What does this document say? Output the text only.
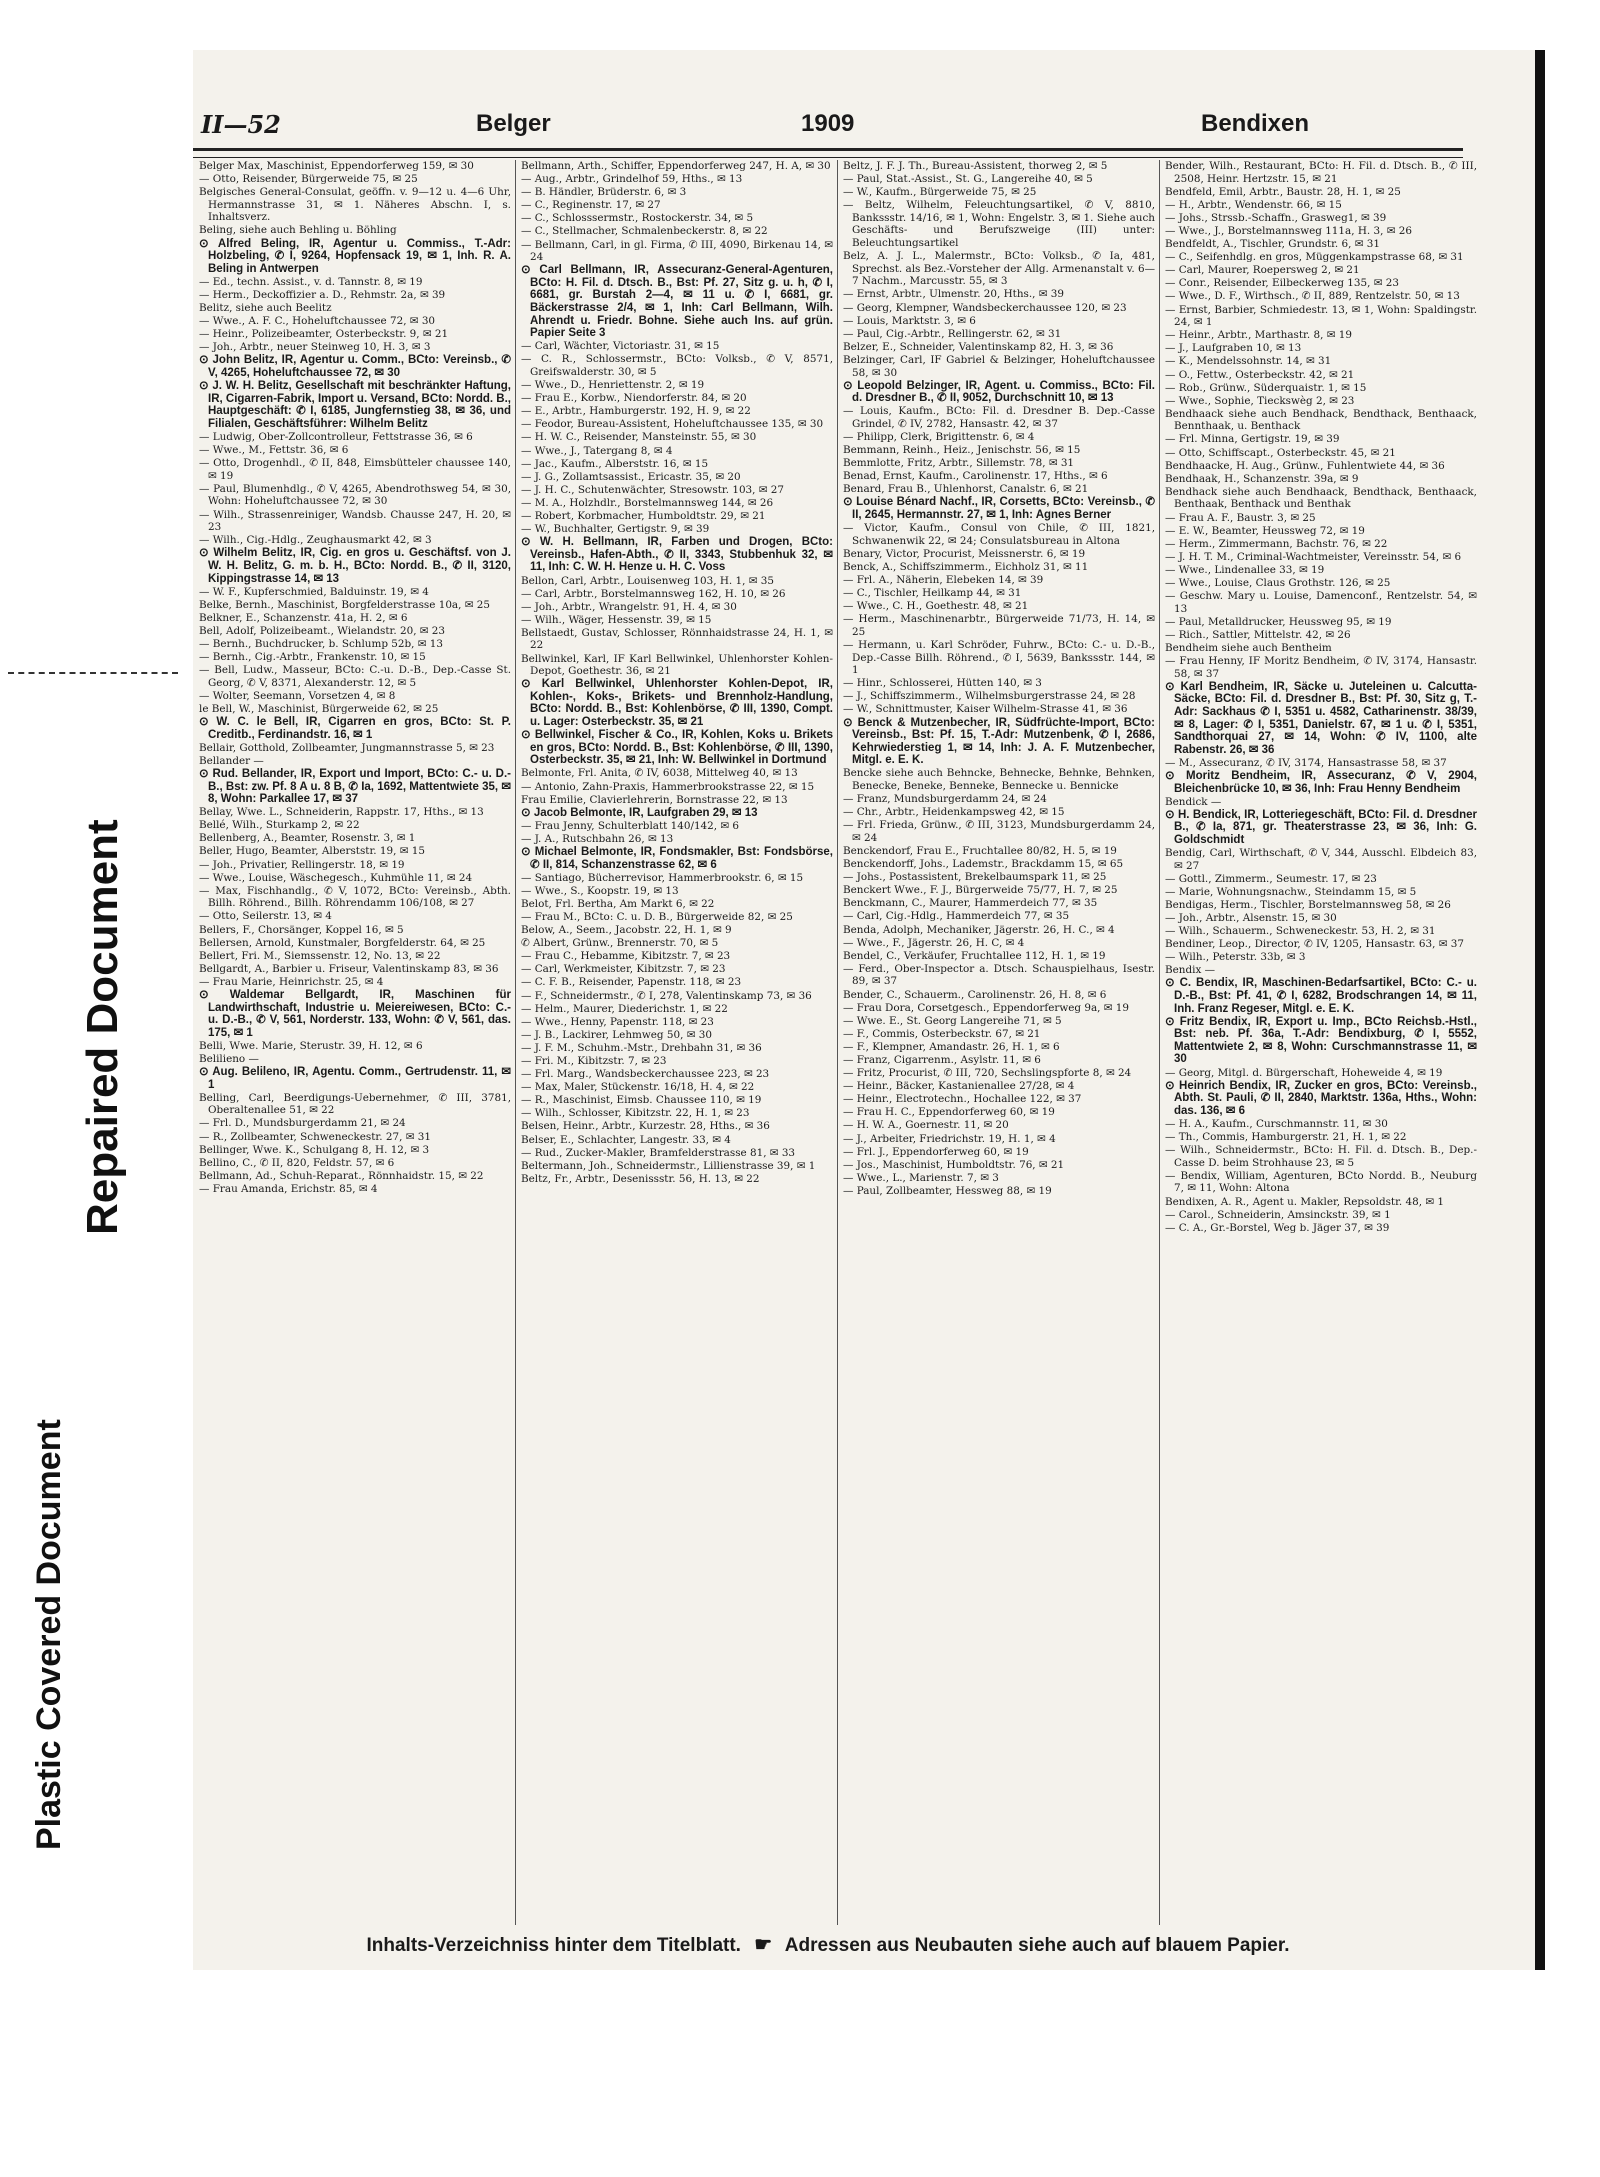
Repaired Document
Plastic Covered Document
II—52	Belger	1909	Bendixen
Belger Max, Maschinist, Eppendorferweg 159, ✉ 30
— Otto, Reisender, Bürgerweide 75, ✉ 25
Belgisches General-Consulat, geöffn. v. 9—12 u. 4—6 Uhr, Hermannstrasse 31, ✉ 1. Näheres Abschn. I, s. Inhaltsverz.
Beling, siehe auch Behling u. Böhling
⊙ Alfred Beling, IR, Agentur u. Commiss., T.-Adr: Holzbeling, ✆ I, 9264, Hopfensack 19, ✉ 1, Inh. R. A. Beling in Antwerpen
— Ed., techn. Assist., v. d. Tannstr. 8, ✉ 19
— Herm., Deckoffizier a. D., Rehmstr. 2a, ✉ 39
Belitz, siehe auch Beelitz
— Wwe., A. F. C., Hoheluftchaussee 72, ✉ 30
— Heinr., Polizeibeamter, Osterbeckstr. 9, ✉ 21
— Joh., Arbtr., neuer Steinweg 10, H. 3, ✉ 3
⊙ John Belitz, IR, Agentur u. Comm., BCto: Vereinsb., ✆ V, 4265, Hoheluftchaussee 72, ✉ 30
⊙ J. W. H. Belitz, Gesellschaft mit beschränkter Haftung, IR, Cigarren-Fabrik, Import u. Versand, BCto: Nordd. B., Hauptgeschäft: ✆ I, 6185, Jungfernstieg 38, ✉ 36, und Filialen, Geschäftsführer: Wilhelm Belitz
— Ludwig, Ober-Zollcontrolleur, Fettstrasse 36, ✉ 6
— Wwe., M., Fettstr. 36, ✉ 6
— Otto, Drogenhdl., ✆ II, 848, Eimsbütteler chaussee 140, ✉ 19
— Paul, Blumenhdlg., ✆ V, 4265, Abendrothsweg 54, ✉ 30, Wohn: Hoheluftchaussee 72, ✉ 30
— Wilh., Strassenreiniger, Wandsb. Chausse 247, H. 20, ✉ 23
— Wilh., Cig.-Hdlg., Zeughausmarkt 42, ✉ 3
⊙ Wilhelm Belitz, IR, Cig. en gros u. Geschäftsf. von J. W. H. Belitz, G. m. b. H., BCto: Nordd. B., ✆ II, 3120, Kippingstrasse 14, ✉ 13
— W. F., Kupferschmied, Balduinstr. 19, ✉ 4
Belke, Bernh., Maschinist, Borgfelderstrasse 10a, ✉ 25
Belkner, E., Schanzenstr. 41a, H. 2, ✉ 6
Bell, Adolf, Polizeibeamt., Wielandstr. 20, ✉ 23
— Bernh., Buchdrucker, b. Schlump 52b, ✉ 13
— Bernh., Cig.-Arbtr., Frankenstr. 10, ✉ 15
— Bell, Ludw., Masseur, BCto: C.-u. D.-B., Dep.-Casse St. Georg, ✆ V, 8371, Alexanderstr. 12, ✉ 5
— Wolter, Seemann, Vorsetzen 4, ✉ 8
le Bell, W., Maschinist, Bürgerweide 62, ✉ 25
⊙ W. C. le Bell, IR, Cigarren en gros, BCto: St. P. Creditb., Ferdinandstr. 16, ✉ 1
Bellair, Gotthold, Zollbeamter, Jungmannstrasse 5, ✉ 23
Bellander —
⊙ Rud. Bellander, IR, Export und Import, BCto: C.- u. D.-B., Bst: zw. Pf. 8 A u. 8 B, ✆ Ia, 1692, Mattentwiete 35, ✉ 8, Wohn: Parkallee 17, ✉ 37
Bellay, Wwe. L., Schneiderin, Rappstr. 17, Hths., ✉ 13
Bellé, Wilh., Sturkamp 2, ✉ 22
Bellenberg, A., Beamter, Rosenstr. 3, ✉ 1
Beller, Hugo, Beamter, Alberststr. 19, ✉ 15
— Joh., Privatier, Rellingerstr. 18, ✉ 19
— Wwe., Louise, Wäschegesch., Kuhmühle 11, ✉ 24
— Max, Fischhandlg., ✆ V, 1072, BCto: Vereinsb., Abth. Billh. Röhrend., Billh. Röhrendamm 106/108, ✉ 27
— Otto, Seilerstr. 13, ✉ 4
Bellers, F., Chorsänger, Koppel 16, ✉ 5
Bellersen, Arnold, Kunstmaler, Borgfelderstr. 64, ✉ 25
Bellert, Fri. M., Siemssenstr. 12, No. 13, ✉ 22
Bellgardt, A., Barbier u. Friseur, Valentinskamp 83, ✉ 36
— Frau Marie, Heinrichstr. 25, ✉ 4
⊙ Waldemar Bellgardt, IR, Maschinen für Landwirthschaft, Industrie u. Meiereiwesen, BCto: C.- u. D.-B., ✆ V, 561, Norderstr. 133, Wohn: ✆ V, 561, das. 175, ✉ 1
Belli, Wwe. Marie, Sterustr. 39, H. 12, ✉ 6
Belilieno —
⊙ Aug. Belileno, IR, Agentu. Comm., Gertrudenstr. 11, ✉ 1
Belling, Carl, Beerdigungs-Uebernehmer, ✆ III, 3781, Oberaltenallee 51, ✉ 22
— Frl. D., Mundsburgerdamm 21, ✉ 24
— R., Zollbeamter, Schweneckestr. 27, ✉ 31
Bellinger, Wwe. K., Schulgang 8, H. 12, ✉ 3
Bellino, C., ✆ II, 820, Feldstr. 57, ✉ 6
Bellmann, Ad., Schuh-Reparat., Rönnhaidstr. 15, ✉ 22
— Frau Amanda, Erichstr. 85, ✉ 4
Bellmann, Arth., Schiffer, Eppendorferweg 247, H. A, ✉ 30
— Aug., Arbtr., Grindelhof 59, Hths., ✉ 13
— B. Händler, Brüderstr. 6, ✉ 3
— C., Reginenstr. 17, ✉ 27
— C., Schlosssermstr., Rostockerstr. 34, ✉ 5
— C., Stellmacher, Schmalenbeckerstr. 8, ✉ 22
— Bellmann, Carl, in gl. Firma, ✆ III, 4090, Birkenau 14, ✉ 24
⊙ Carl Bellmann, IR, Assecuranz-General-Agenturen, BCto: H. Fil. d. Dtsch. B., Bst: Pf. 27, Sitz g. u. h, ✆ I, 6681, gr. Burstah 2—4, ✉ 11 u. ✆ I, 6681, gr. Bäckerstrasse 2/4, ✉ 1, Inh: Carl Bellmann, Wilh. Ahrendt u. Friedr. Bohne. Siehe auch Ins. auf grün. Papier Seite 3
— Carl, Wächter, Victoriastr. 31, ✉ 15
— C. R., Schlossermstr., BCto: Volksb., ✆ V, 8571, Greifswalderstr. 30, ✉ 5
— Wwe., D., Henriettenstr. 2, ✉ 19
— Frau E., Korbw., Niendorferstr. 84, ✉ 20
— E., Arbtr., Hamburgerstr. 192, H. 9, ✉ 22
— Feodor, Bureau-Assistent, Hoheluftchaussee 135, ✉ 30
— H. W. C., Reisender, Mansteinstr. 55, ✉ 30
— Wwe., J., Tatergang 8, ✉ 4
— Jac., Kaufm., Alberststr. 16, ✉ 15
— J. G., Zollamtsassist., Ericastr. 35, ✉ 20
— J. H. C., Schutenwächter, Stresowstr. 103, ✉ 27
— M. A., Holzhdlr., Borstelmannsweg 144, ✉ 26
— Robert, Korbmacher, Humboldtstr. 29, ✉ 21
— W., Buchhalter, Gertigstr. 9, ✉ 39
⊙ W. H. Bellmann, IR, Farben und Drogen, BCto: Vereinsb., Hafen-Abth., ✆ II, 3343, Stubbenhuk 32, ✉ 11, Inh: C. W. H. Henze u. H. C. Voss
Bellon, Carl, Arbtr., Louisenweg 103, H. 1, ✉ 35
— Carl, Arbtr., Borstelmannsweg 162, H. 10, ✉ 26
— Joh., Arbtr., Wrangelstr. 91, H. 4, ✉ 30
— Wilh., Wäger, Hessenstr. 39, ✉ 15
Bellstaedt, Gustav, Schlosser, Rönnhaidstrasse 24, H. 1, ✉ 22
Bellwinkel, Karl, IF Karl Bellwinkel, Uhlenhorster Kohlen-Depot, Goethestr. 36, ✉ 21
⊙ Karl Bellwinkel, Uhlenhorster Kohlen-Depot, IR, Kohlen-, Koks-, Brikets- und Brennholz-Handlung, BCto: Nordd. B., Bst: Kohlenbörse, ✆ III, 1390, Compt. u. Lager: Osterbeckstr. 35, ✉ 21
⊙ Bellwinkel, Fischer & Co., IR, Kohlen, Koks u. Brikets en gros, BCto: Nordd. B., Bst: Kohlenbörse, ✆ III, 1390, Osterbeckstr. 35, ✉ 21, Inh: W. Bellwinkel in Dortmund
Belmonte, Frl. Anita, ✆ IV, 6038, Mittelweg 40, ✉ 13
— Antonio, Zahn-Praxis, Hammerbrookstrasse 22, ✉ 15
Frau Emilie, Clavierlehrerin, Bornstrasse 22, ✉ 13
⊙ Jacob Belmonte, IR, Laufgraben 29, ✉ 13
— Frau Jenny, Schulterblatt 140/142, ✉ 6
— J. A., Rutschbahn 26, ✉ 13
⊙ Michael Belmonte, IR, Fondsmakler, Bst: Fondsbörse, ✆ II, 814, Schanzenstrasse 62, ✉ 6
— Santiago, Bücherrevisor, Hammerbrookstr. 6, ✉ 15
— Wwe., S., Koopstr. 19, ✉ 13
Belot, Frl. Bertha, Am Markt 6, ✉ 22
— Frau M., BCto: C. u. D. B., Bürgerweide 82, ✉ 25
Below, A., Seem., Jacobstr. 22, H. 1, ✉ 9
✆ Albert, Grünw., Brennerstr. 70, ✉ 5
— Frau C., Hebamme, Kibitzstr. 7, ✉ 23
— Carl, Werkmeister, Kibitzstr. 7, ✉ 23
— C. F. B., Reisender, Papenstr. 118, ✉ 23
— F., Schneidermstr., ✆ I, 278, Valentinskamp 73, ✉ 36
— Helm., Maurer, Diederichstr. 1, ✉ 22
— Wwe., Henny, Papenstr. 118, ✉ 23
— J. B., Lackirer, Lehmweg 50, ✉ 30
— J. F. M., Schuhm.-Mstr., Drehbahn 31, ✉ 36
— Fri. M., Kibitzstr. 7, ✉ 23
— Frl. Marg., Wandsbeckerchaussee 223, ✉ 23
— Max, Maler, Stückenstr. 16/18, H. 4, ✉ 22
— R., Maschinist, Eimsb. Chaussee 110, ✉ 19
— Wilh., Schlosser, Kibitzstr. 22, H. 1, ✉ 23
Belsen, Heinr., Arbtr., Kurzestr. 28, Hths., ✉ 36
Belser, E., Schlachter, Langestr. 33, ✉ 4
— Rud., Zucker-Makler, Bramfelderstrasse 81, ✉ 33
Beltermann, Joh., Schneidermstr., Lillienstrasse 39, ✉ 1
Beltz, Fr., Arbtr., Desenissstr. 56, H. 13, ✉ 22
Beltz, J. F. J. Th., Bureau-Assistent, thorweg 2, ✉ 5
— Paul, Stat.-Assist., St. G., Langereihe 40, ✉ 5
— W., Kaufm., Bürgerweide 75, ✉ 25
— Beltz, Wilhelm, Feleuchtungsartikel, ✆ V, 8810, Bankssstr. 14/16, ✉ 1, Wohn: Engelstr. 3, ✉ 1. Siehe auch Geschäfts- und Berufszweige (III) unter: Beleuchtungsartikel
Belz, A. J. L., Malermstr., BCto: Volksb., ✆ Ia, 481, Sprechst. als Bez.-Vorsteher der Allg. Armenanstalt v. 6—7 Nachm., Marcusstr. 55, ✉ 3
— Ernst, Arbtr., Ulmenstr. 20, Hths., ✉ 39
— Georg, Klempner, Wandsbeckerchaussee 120, ✉ 23
— Louis, Marktstr. 3, ✉ 6
— Paul, Cig.-Arbtr., Rellingerstr. 62, ✉ 31
Belzer, E., Schneider, Valentinskamp 82, H. 3, ✉ 36
Belzinger, Carl, IF Gabriel & Belzinger, Hoheluftchaussee 58, ✉ 30
⊙ Leopold Belzinger, IR, Agent. u. Commiss., BCto: Fil. d. Dresdner B., ✆ II, 9052, Durchschnitt 10, ✉ 13
— Louis, Kaufm., BCto: Fil. d. Dresdner B. Dep.-Casse Grindel, ✆ IV, 2782, Hansastr. 42, ✉ 37
— Philipp, Clerk, Brigittenstr. 6, ✉ 4
Bemmann, Reinh., Heiz., Jenischstr. 56, ✉ 15
Bemmlotte, Fritz, Arbtr., Sillemstr. 78, ✉ 31
Benad, Ernst, Kaufm., Carolinenstr. 17, Hths., ✉ 6
Benard, Frau B., Uhlenhorst, Canalstr. 6, ✉ 21
⊙ Louise Bénard Nachf., IR, Corsetts, BCto: Vereinsb., ✆ II, 2645, Hermannstr. 27, ✉ 1, Inh: Agnes Berner
— Victor, Kaufm., Consul von Chile, ✆ III, 1821, Schwanenwik 22, ✉ 24; Consulatsbureau in Altona
Benary, Victor, Procurist, Meissnerstr. 6, ✉ 19
Benck, A., Schiffszimmerm., Eichholz 31, ✉ 11
— Frl. A., Näherin, Elebeken 14, ✉ 39
— C., Tischler, Heilkamp 44, ✉ 31
— Wwe., C. H., Goethestr. 48, ✉ 21
— Herm., Maschinenarbtr., Bürgerweide 71/73, H. 14, ✉ 25
— Hermann, u. Karl Schröder, Fuhrw., BCto: C.- u. D.-B., Dep.-Casse Billh. Röhrend., ✆ I, 5639, Bankssstr. 144, ✉ 1
— Hinr., Schlosserei, Hütten 140, ✉ 3
— J., Schiffszimmerm., Wilhelmsburgerstrasse 24, ✉ 28
— W., Schnittmuster, Kaiser Wilhelm-Strasse 41, ✉ 36
⊙ Benck & Mutzenbecher, IR, Südfrüchte-Import, BCto: Vereinsb., Bst: Pf. 15, T.-Adr: Mutzenbenk, ✆ I, 2686, Kehrwiederstieg 1, ✉ 14, Inh: J. A. F. Mutzenbecher, Mitgl. e. E. K.
Bencke siehe auch Behncke, Behnecke, Behnke, Behnken, Benecke, Beneke, Benneke, Bennecke u. Bennicke
— Franz, Mundsburgerdamm 24, ✉ 24
— Chr., Arbtr., Heidenkampsweg 42, ✉ 15
— Frl. Frieda, Grünw., ✆ III, 3123, Mundsburgerdamm 24, ✉ 24
Benckendorf, Frau E., Fruchtallee 80/82, H. 5, ✉ 19
Benckendorff, Johs., Lademstr., Brackdamm 15, ✉ 65
— Johs., Postassistent, Brekelbaumspark 11, ✉ 25
Benckert Wwe., F. J., Bürgerweide 75/77, H. 7, ✉ 25
Benckmann, C., Maurer, Hammerdeich 77, ✉ 35
— Carl, Cig.-Hdlg., Hammerdeich 77, ✉ 35
Benda, Adolph, Mechaniker, Jägerstr. 26, H. C., ✉ 4
— Wwe., F., Jägerstr. 26, H. C, ✉ 4
Bendel, C., Verkäufer, Fruchtallee 112, H. 1, ✉ 19
— Ferd., Ober-Inspector a. Dtsch. Schauspielhaus, Isestr. 89, ✉ 37
Bender, C., Schauerm., Carolinenstr. 26, H. 8, ✉ 6
— Frau Dora, Corsetgesch., Eppendorferweg 9a, ✉ 19
— Wwe. E., St. Georg Langereihe 71, ✉ 5
— F., Commis, Osterbeckstr. 67, ✉ 21
— F., Klempner, Amandastr. 26, H. 1, ✉ 6
— Franz, Cigarrenm., Asylstr. 11, ✉ 6
— Fritz, Procurist, ✆ III, 720, Sechslingspforte 8, ✉ 24
— Heinr., Bäcker, Kastanienallee 27/28, ✉ 4
— Heinr., Electrotechn., Hochallee 122, ✉ 37
— Frau H. C., Eppendorferweg 60, ✉ 19
— H. W. A., Goernestr. 11, ✉ 20
— J., Arbeiter, Friedrichstr. 19, H. 1, ✉ 4
— Frl. J., Eppendorferweg 60, ✉ 19
— Jos., Maschinist, Humboldtstr. 76, ✉ 21
— Wwe., L., Marienstr. 7, ✉ 3
— Paul, Zollbeamter, Hessweg 88, ✉ 19
Bender, Wilh., Restaurant, BCto: H. Fil. d. Dtsch. B., ✆ III, 2508, Heinr. Hertzstr. 15, ✉ 21
Bendfeld, Emil, Arbtr., Baustr. 28, H. 1, ✉ 25
— H., Arbtr., Wendenstr. 66, ✉ 15
— Johs., Strssb.-Schaffn., Grasweg1, ✉ 39
— Wwe., J., Borstelmannsweg 111a, H. 3, ✉ 26
Bendfeldt, A., Tischler, Grundstr. 6, ✉ 31
— C., Seifenhdlg. en gros, Müggenkampstrasse 68, ✉ 31
— Carl, Maurer, Roepersweg 2, ✉ 21
— Conr., Reisender, Eilbeckerweg 135, ✉ 23
— Wwe., D. F., Wirthsch., ✆ II, 889, Rentzelstr. 50, ✉ 13
— Ernst, Barbier, Schmiedestr. 13, ✉ 1, Wohn: Spaldingstr. 24, ✉ 1
— Heinr., Arbtr., Marthastr. 8, ✉ 19
— J., Laufgraben 10, ✉ 13
— K., Mendelssohnstr. 14, ✉ 31
— O., Fettw., Osterbeckstr. 42, ✉ 21
— Rob., Grünw., Süderquaistr. 1, ✉ 15
— Wwe., Sophie, Tieckswèg 2, ✉ 23
Bendhaack siehe auch Bendhack, Bendthack, Benthaack, Bennthaak, u. Benthack
— Frl. Minna, Gertigstr. 19, ✉ 39
— Otto, Schiffscapt., Osterbeckstr. 45, ✉ 21
Bendhaacke, H. Aug., Grünw., Fuhlentwiete 44, ✉ 36
Bendhaak, H., Schanzenstr. 39a, ✉ 9
Bendhack siehe auch Bendhaack, Bendthack, Benthaack, Benthaak, Benthack und Benthak
— Frau A. F., Baustr. 3, ✉ 25
— E. W., Beamter, Heussweg 72, ✉ 19
— Herm., Zimmermann, Bachstr. 76, ✉ 22
— J. H. T. M., Criminal-Wachtmeister, Vereinsstr. 54, ✉ 6
— Wwe., Lindenallee 33, ✉ 19
— Wwe., Louise, Claus Grothstr. 126, ✉ 25
— Geschw. Mary u. Louise, Damenconf., Rentzelstr. 54, ✉ 13
— Paul, Metalldrucker, Heussweg 95, ✉ 19
— Rich., Sattler, Mittelstr. 42, ✉ 26
Bendheim siehe auch Bentheim
— Frau Henny, IF Moritz Bendheim, ✆ IV, 3174, Hansastr. 58, ✉ 37
⊙ Karl Bendheim, IR, Säcke u. Juteleinen u. Calcutta-Säcke, BCto: Fil. d. Dresdner B., Bst: Pf. 30, Sitz g, T.-Adr: Sackhaus ✆ I, 5351 u. 4582, Catharinenstr. 38/39, ✉ 8, Lager: ✆ I, 5351, Danielstr. 67, ✉ 1 u. ✆ I, 5351, Sandthorquai 27, ✉ 14, Wohn: ✆ IV, 1100, alte Rabenstr. 26, ✉ 36
— M., Assecuranz, ✆ IV, 3174, Hansastrasse 58, ✉ 37
⊙ Moritz Bendheim, IR, Assecuranz, ✆ V, 2904, Bleichenbrücke 10, ✉ 36, Inh: Frau Henny Bendheim
Bendick —
⊙ H. Bendick, IR, Lotteriegeschäft, BCto: Fil. d. Dresdner B., ✆ Ia, 871, gr. Theaterstrasse 23, ✉ 36, Inh: G. Goldschmidt
Bendig, Carl, Wirthschaft, ✆ V, 344, Ausschl. Elbdeich 83, ✉ 27
— Gottl., Zimmerm., Seumestr. 17, ✉ 23
— Marie, Wohnungsnachw., Steindamm 15, ✉ 5
Bendigas, Herm., Tischler, Borstelmannsweg 58, ✉ 26
— Joh., Arbtr., Alsenstr. 15, ✉ 30
— Wilh., Schauerm., Schweneckestr. 53, H. 2, ✉ 31
Bendiner, Leop., Director, ✆ IV, 1205, Hansastr. 63, ✉ 37
— Wilh., Peterstr. 33b, ✉ 3
Bendix —
⊙ C. Bendix, IR, Maschinen-Bedarfsartikel, BCto: C.- u. D.-B., Bst: Pf. 41, ✆ I, 6282, Brodschrangen 14, ✉ 11, Inh. Franz Regeser, Mitgl. e. E. K.
⊙ Fritz Bendix, IR, Export u. Imp., BCto Reichsb.-Hstl., Bst: neb. Pf. 36a, T.-Adr: Bendixburg, ✆ I, 5552, Mattentwiete 2, ✉ 8, Wohn: Curschmannstrasse 11, ✉ 30
— Georg, Mitgl. d. Bürgerschaft, Hoheweide 4, ✉ 19
⊙ Heinrich Bendix, IR, Zucker en gros, BCto: Vereinsb., Abth. St. Pauli, ✆ II, 2840, Marktstr. 136a, Hths., Wohn: das. 136, ✉ 6
— H. A., Kaufm., Curschmannstr. 11, ✉ 30
— Th., Commis, Hamburgerstr. 21, H. 1, ✉ 22
— Wilh., Schneidermstr., BCto: H. Fil. d. Dtsch. B., Dep.-Casse D. beim Strohhause 23, ✉ 5
— Bendix, William, Agenturen, BCto Nordd. B., Neuburg 7, ✉ 11, Wohn: Altona
Bendixen, A. R., Agent u. Makler, Repsoldstr. 48, ✉ 1
— Carol., Schneiderin, Amsinckstr. 39, ✉ 1
— C. A., Gr.-Borstel, Weg b. Jäger 37, ✉ 39
Inhalts-Verzeichniss hinter dem Titelblatt. ☛ Adressen aus Neubauten siehe auch auf blauem Papier.
